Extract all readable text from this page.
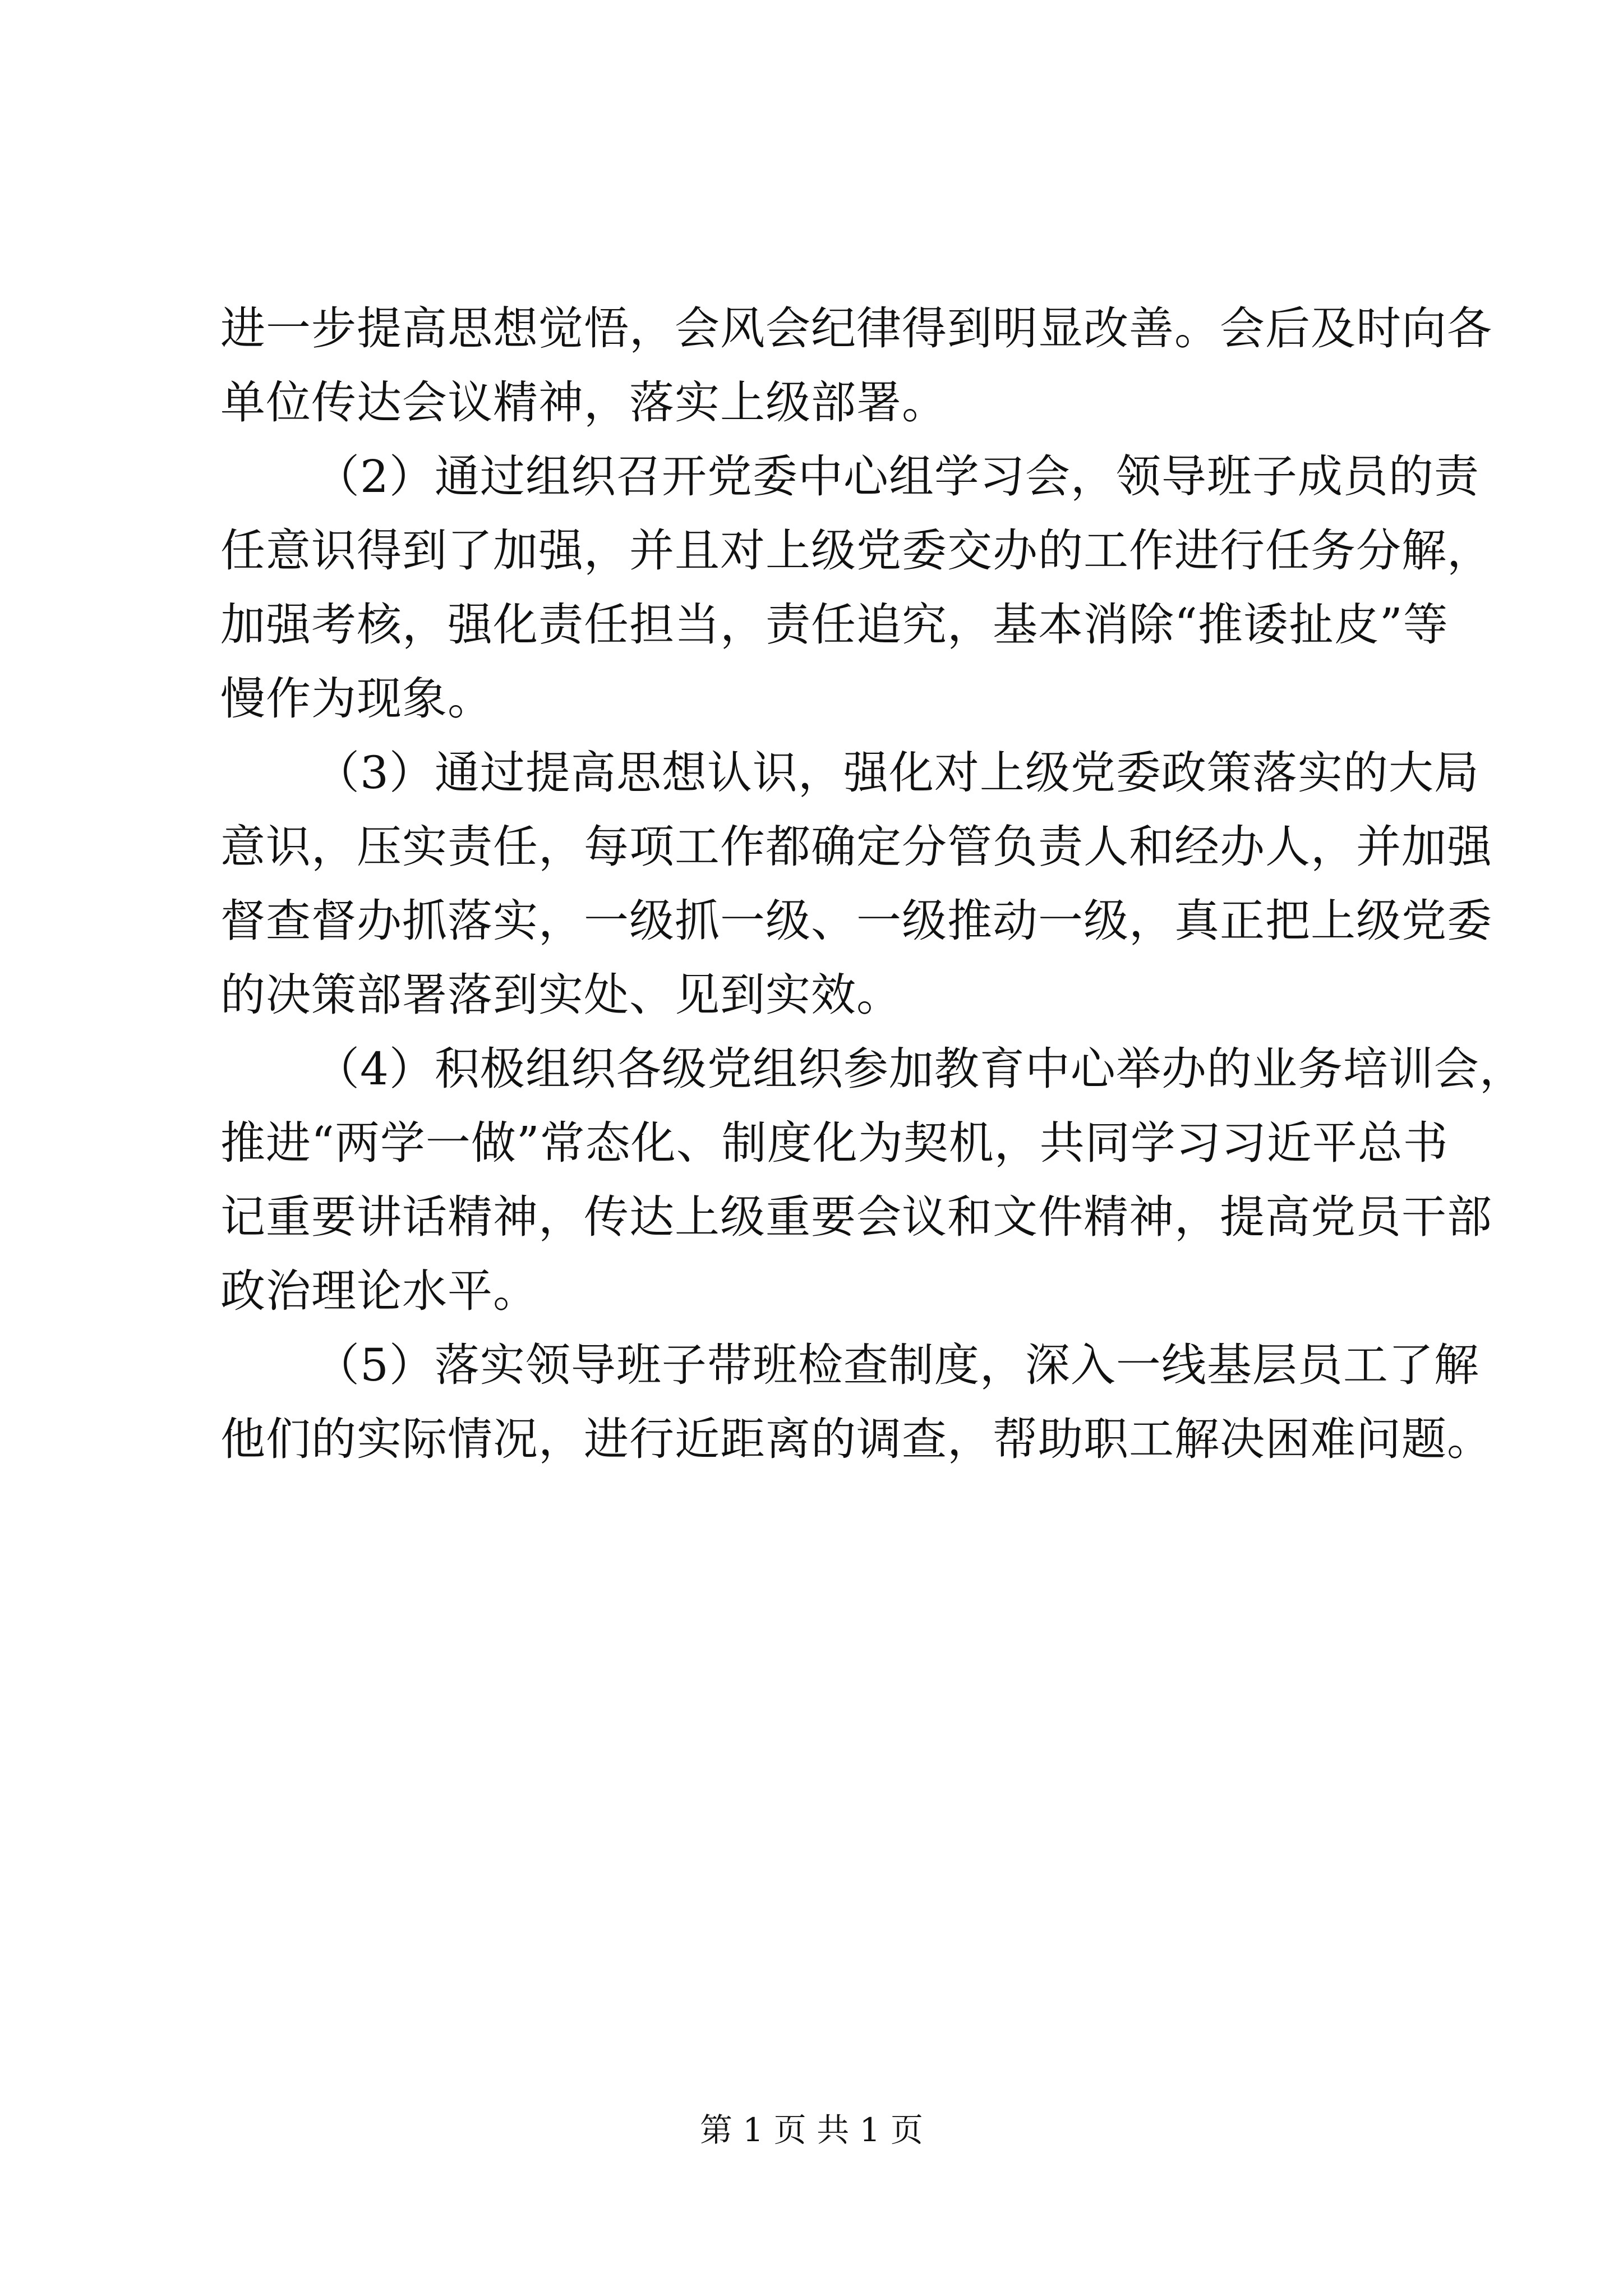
进一步提高思想觉悟，会风会纪律得到明显改善。会后及时向各
单位传达会议精神，落实上级部署。
（2）通过组织召开党委中心组学习会，领导班子成员的责
任意识得到了加强，并且对上级党委交办的工作进行任务分解，
加强考核，强化责任担当，责任追究，基本消除“推诿扯皮”等
慢作为现象。
（3）通过提高思想认识，强化对上级党委政策落实的大局
意识，压实责任，每项工作都确定分管负责人和经办人，并加强
督查督办抓落实，一级抓一级、一级推动一级，真正把上级党委
的决策部署落到实处、见到实效。
（4）积极组织各级党组织参加教育中心举办的业务培训会，
推进“两学一做”常态化、制度化为契机，共同学习习近平总书
记重要讲话精神，传达上级重要会议和文件精神，提高党员干部
政治理论水平。
（5）落实领导班子带班检查制度，深入一线基层员工了解
他们的实际情况，进行近距离的调查，帮助职工解决困难问题。
第 1 页 共 1 页
